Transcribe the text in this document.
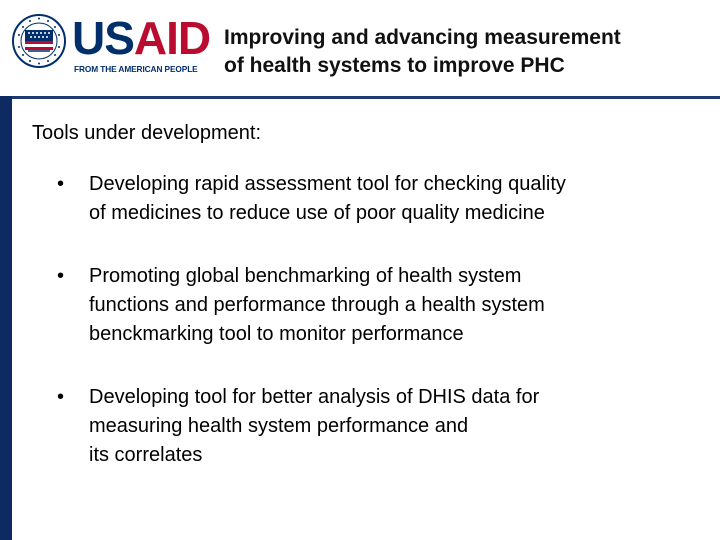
USAID
FROM THE AMERICAN PEOPLE
Improving and advancing measurement
of health systems to improve PHC

Tools under development:

• Developing rapid assessment tool for checking quality
of medicines to reduce use of poor quality medicine
• Promoting global benchmarking of health system
functions and performance through a health system
benckmarking tool to monitor performance
• Developing tool for better analysis of DHIS data for
measuring health system performance and
its correlates
